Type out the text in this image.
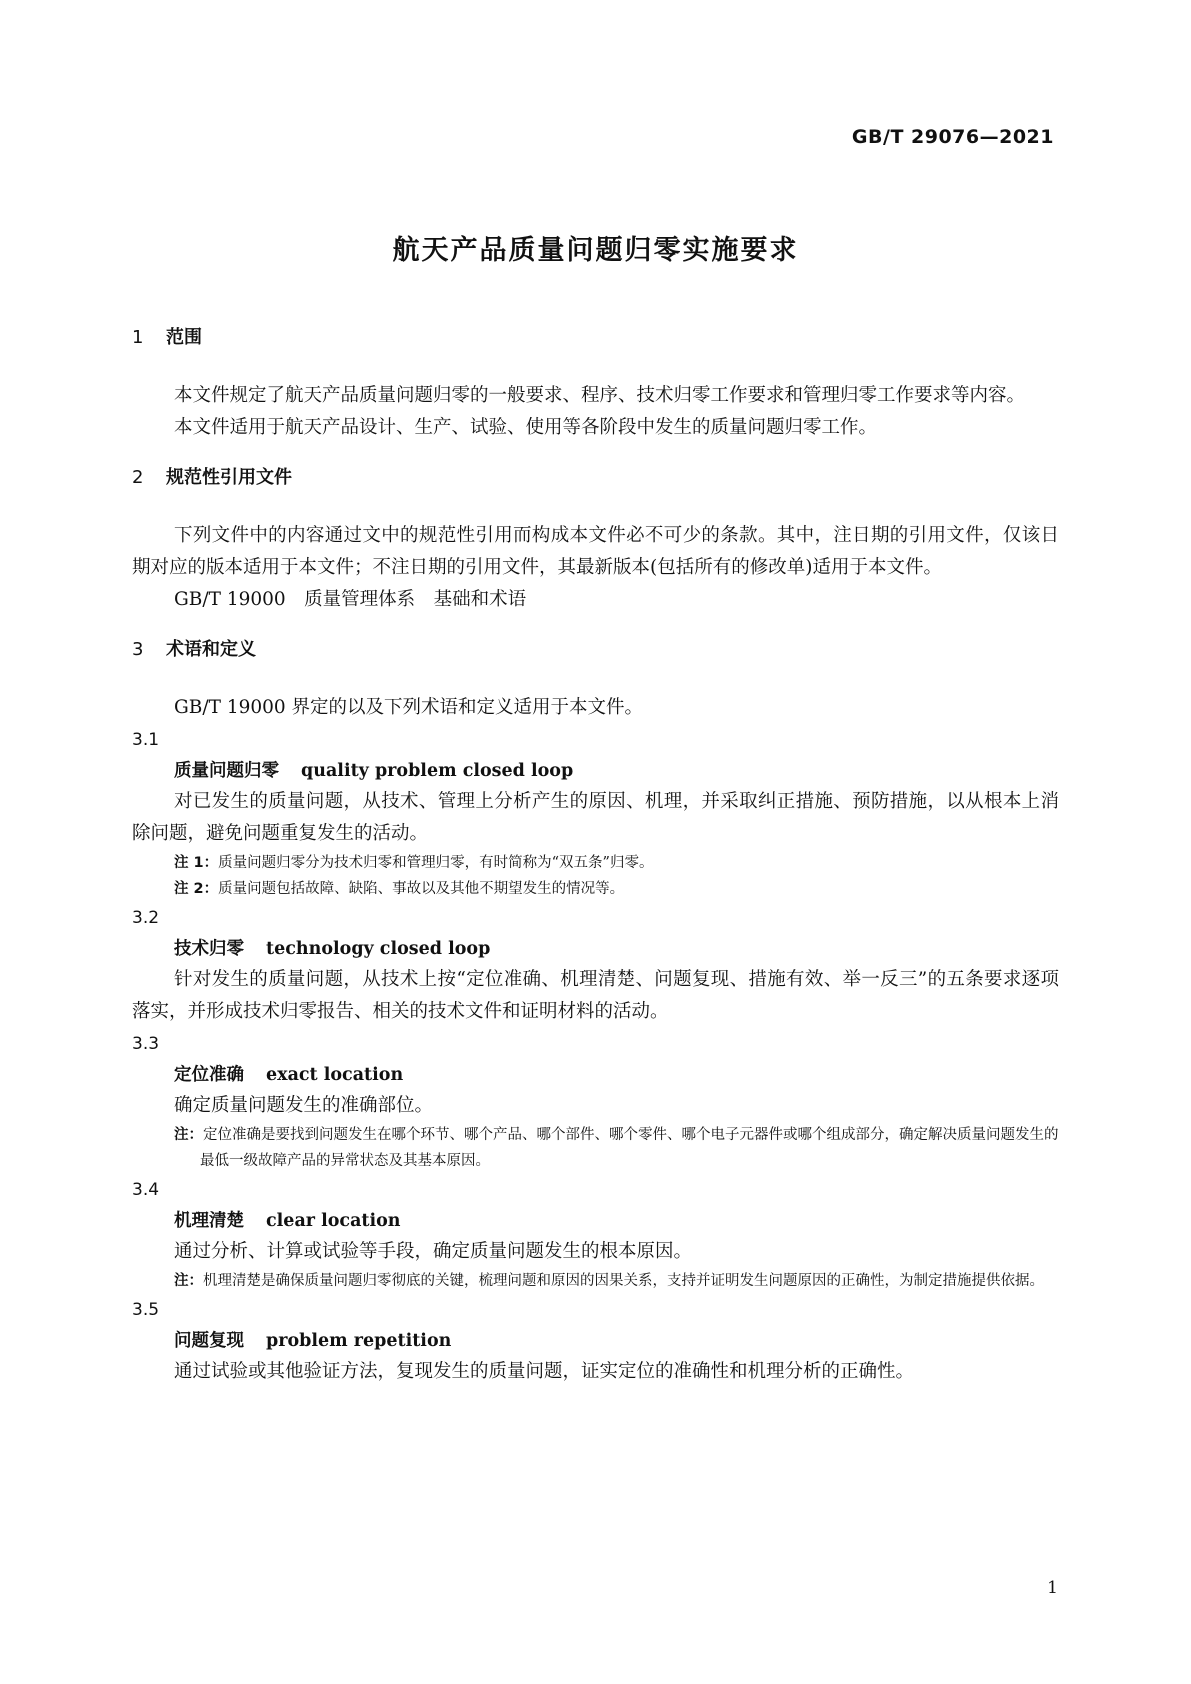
GB/T 29076—2021
航天产品质量问题归零实施要求
1 范围

本文件规定了航天产品质量问题归零的一般要求、程序、技术归零工作要求和管理归零工作要求等内容。

本文件适用于航天产品设计、生产、试验、使用等各阶段中发生的质量问题归零工作。

2 规范性引用文件

下列文件中的内容通过文中的规范性引用而构成本文件必不可少的条款。其中，注日期的引用文件，仅该日期对应的版本适用于本文件；不注日期的引用文件，其最新版本(包括所有的修改单)适用于本文件。

GB/T 19000　质量管理体系　基础和术语

3 术语和定义

GB/T 19000 界定的以及下列术语和定义适用于本文件。

3.1
质量问题归零 quality problem closed loop

对已发生的质量问题，从技术、管理上分析产生的原因、机理，并采取纠正措施、预防措施，以从根本上消除问题，避免问题重复发生的活动。

注 1：质量问题归零分为技术归零和管理归零，有时简称为“双五条”归零。

注 2：质量问题包括故障、缺陷、事故以及其他不期望发生的情况等。

3.2
技术归零 technology closed loop

针对发生的质量问题，从技术上按“定位准确、机理清楚、问题复现、措施有效、举一反三”的五条要求逐项落实，并形成技术归零报告、相关的技术文件和证明材料的活动。

3.3
定位准确 exact location

确定质量问题发生的准确部位。

注：定位准确是要找到问题发生在哪个环节、哪个产品、哪个部件、哪个零件、哪个电子元器件或哪个组成部分，确定解决质量问题发生的最低一级故障产品的异常状态及其基本原因。

3.4
机理清楚 clear location

通过分析、计算或试验等手段，确定质量问题发生的根本原因。

注：机理清楚是确保质量问题归零彻底的关键，梳理问题和原因的因果关系，支持并证明发生问题原因的正确性，为制定措施提供依据。

3.5
问题复现 problem repetition

通过试验或其他验证方法，复现发生的质量问题，证实定位的准确性和机理分析的正确性。

1
